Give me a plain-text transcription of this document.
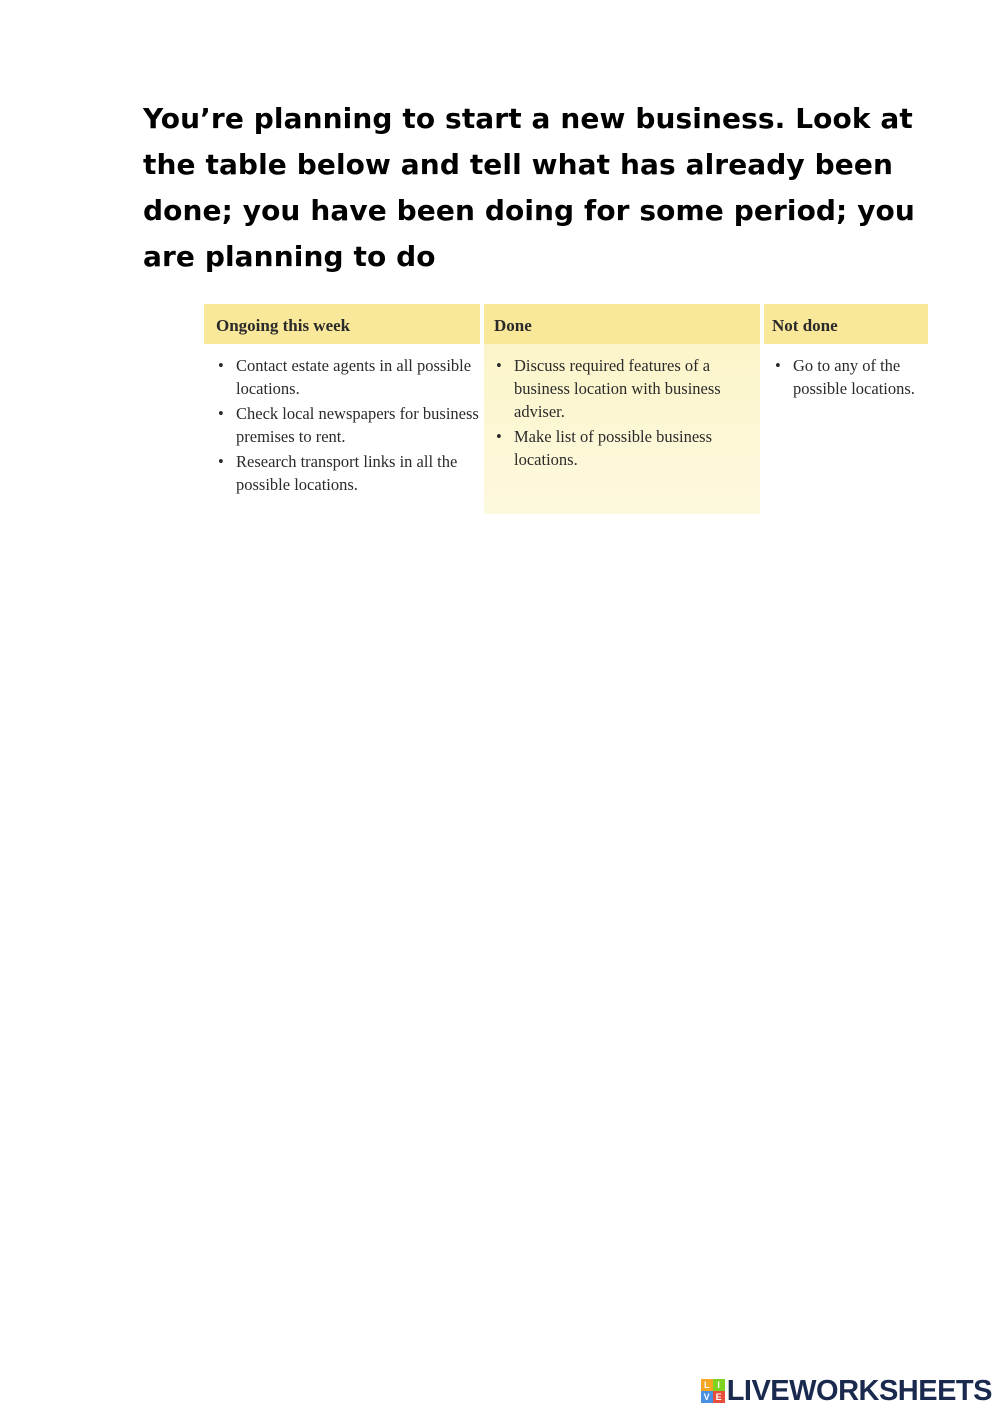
You’re planning to start a new business. Look at the table below and tell what has already been done; you have been doing for some period; you are planning to do

Ongoing this week
• Contact estate agents in all possible locations.
• Check local newspapers for business premises to rent.
• Research transport links in all the possible locations.
Done
• Discuss required features of a business location with business adviser.
• Make list of possible business locations.
Not done
• Go to any of the possible locations.
L I
V E LIVEWORKSHEETS
